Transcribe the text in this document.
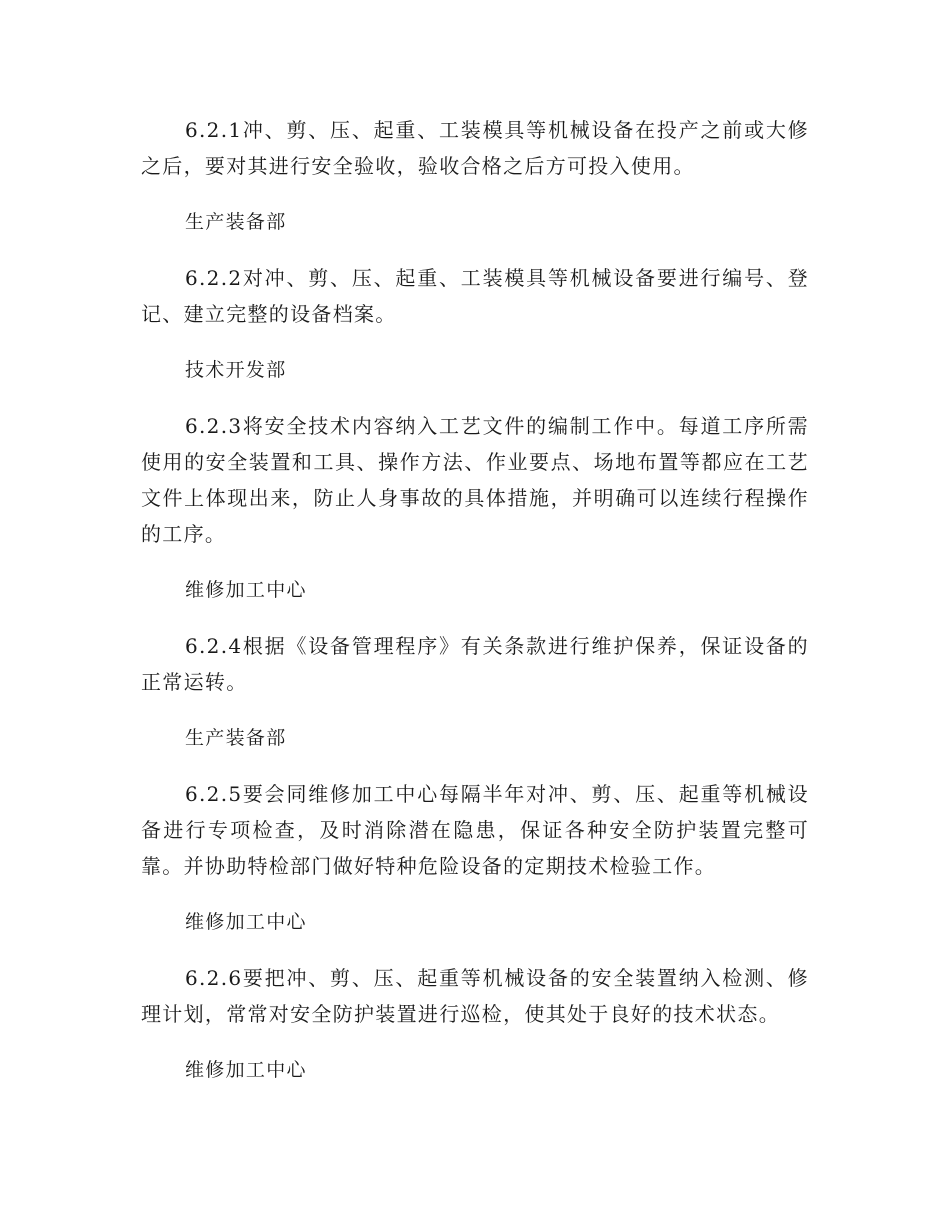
6.2.1冲、剪、压、起重、工装模具等机械设备在投产之前或大修之后，要对其进行安全验收，验收合格之后方可投入使用。

生产装备部

6.2.2对冲、剪、压、起重、工装模具等机械设备要进行编号、登记、建立完整的设备档案。

技术开发部

6.2.3将安全技术内容纳入工艺文件的编制工作中。每道工序所需使用的安全装置和工具、操作方法、作业要点、场地布置等都应在工艺文件上体现出来，防止人身事故的具体措施，并明确可以连续行程操作的工序。

维修加工中心

6.2.4根据《设备管理程序》有关条款进行维护保养，保证设备的正常运转。

生产装备部

6.2.5要会同维修加工中心每隔半年对冲、剪、压、起重等机械设备进行专项检查，及时消除潜在隐患，保证各种安全防护装置完整可靠。并协助特检部门做好特种危险设备的定期技术检验工作。

维修加工中心

6.2.6要把冲、剪、压、起重等机械设备的安全装置纳入检测、修理计划，常常对安全防护装置进行巡检，使其处于良好的技术状态。

维修加工中心
